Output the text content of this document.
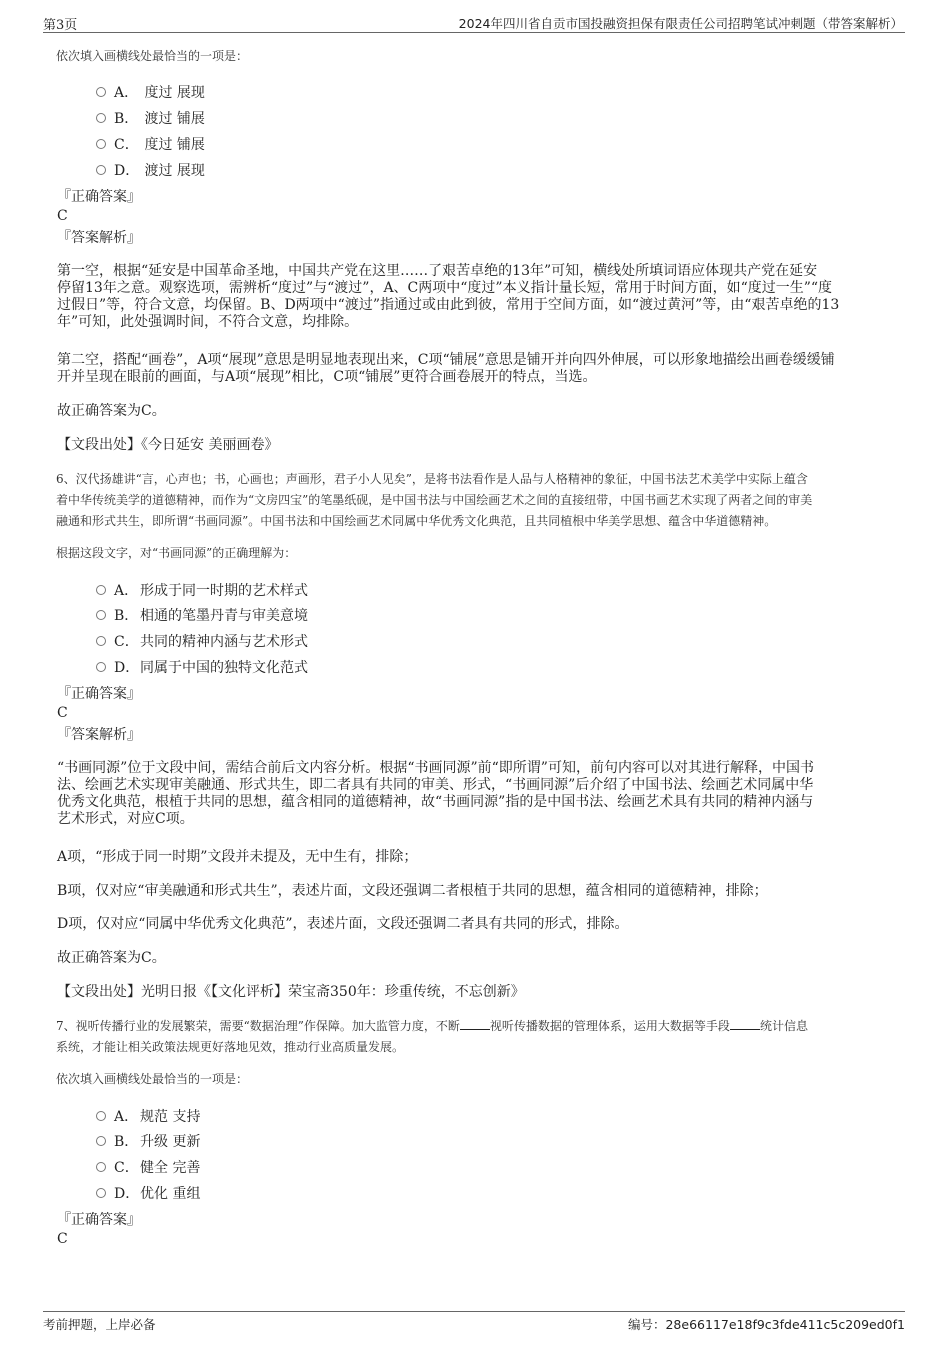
第3页	2024年四川省自贡市国投融资担保有限责任公司招聘笔试冲刺题（带答案解析）
依次填入画横线处最恰当的一项是：
A． 度过 展现
B． 渡过 铺展
C． 度过 铺展
D． 渡过 展现
『正确答案』
C
『答案解析』
第一空，根据“延安是中国革命圣地，中国共产党在这里……了艰苦卓绝的13年”可知，横线处所填词语应体现共产党在延安
停留13年之意。观察选项，需辨析“度过”与“渡过”，A、C两项中“度过”本义指计量长短，常用于时间方面，如“度过一生”“度
过假日”等，符合文意，均保留。B、D两项中“渡过”指通过或由此到彼，常用于空间方面，如“渡过黄河”等，由“艰苦卓绝的13
年”可知，此处强调时间，不符合文意，均排除。
第二空，搭配“画卷”，A项“展现”意思是明显地表现出来，C项“铺展”意思是铺开并向四外伸展，可以形象地描绘出画卷缓缓铺
开并呈现在眼前的画面，与A项“展现”相比，C项“铺展”更符合画卷展开的特点，当选。
故正确答案为C。
【文段出处】《今日延安 美丽画卷》
6、汉代扬雄讲“言，心声也；书，心画也；声画形，君子小人见矣”，是将书法看作是人品与人格精神的象征，中国书法艺术美学中实际上蕴含
着中华传统美学的道德精神，而作为“文房四宝”的笔墨纸砚，是中国书法与中国绘画艺术之间的直接纽带，中国书画艺术实现了两者之间的审美
融通和形式共生，即所谓“书画同源”。中国书法和中国绘画艺术同属中华优秀文化典范，且共同植根中华美学思想、蕴含中华道德精神。
根据这段文字，对“书画同源”的正确理解为：
A． 形成于同一时期的艺术样式
B． 相通的笔墨丹青与审美意境
C．共同的精神内涵与艺术形式
D．同属于中国的独特文化范式
『正确答案』
C
『答案解析』
“书画同源”位于文段中间，需结合前后文内容分析。根据“书画同源”前“即所谓”可知，前句内容可以对其进行解释，中国书
法、绘画艺术实现审美融通、形式共生，即二者具有共同的审美、形式，“书画同源”后介绍了中国书法、绘画艺术同属中华
优秀文化典范，根植于共同的思想，蕴含相同的道德精神，故“书画同源”指的是中国书法、绘画艺术具有共同的精神内涵与
艺术形式，对应C项。
A项，“形成于同一时期”文段并未提及，无中生有，排除；
B项，仅对应“审美融通和形式共生”，表述片面，文段还强调二者根植于共同的思想，蕴含相同的道德精神，排除；
D项，仅对应“同属中华优秀文化典范”，表述片面，文段还强调二者具有共同的形式，排除。
故正确答案为C。
【文段出处】光明日报《【文化评析】荣宝斋350年：珍重传统，不忘创新》
7、视听传播行业的发展繁荣，需要“数据治理”作保障。加大监管力度，不断	视听传播数据的管理体系，运用大数据等手段	统计信息
系统，才能让相关政策法规更好落地见效，推动行业高质量发展。
依次填入画横线处最恰当的一项是：
A． 规范 支持
B． 升级 更新
C．健全 完善
D．优化 重组
『正确答案』
C
考前押题，上岸必备	编号：28e66117e18f9c3fde411c5c209ed0f1
